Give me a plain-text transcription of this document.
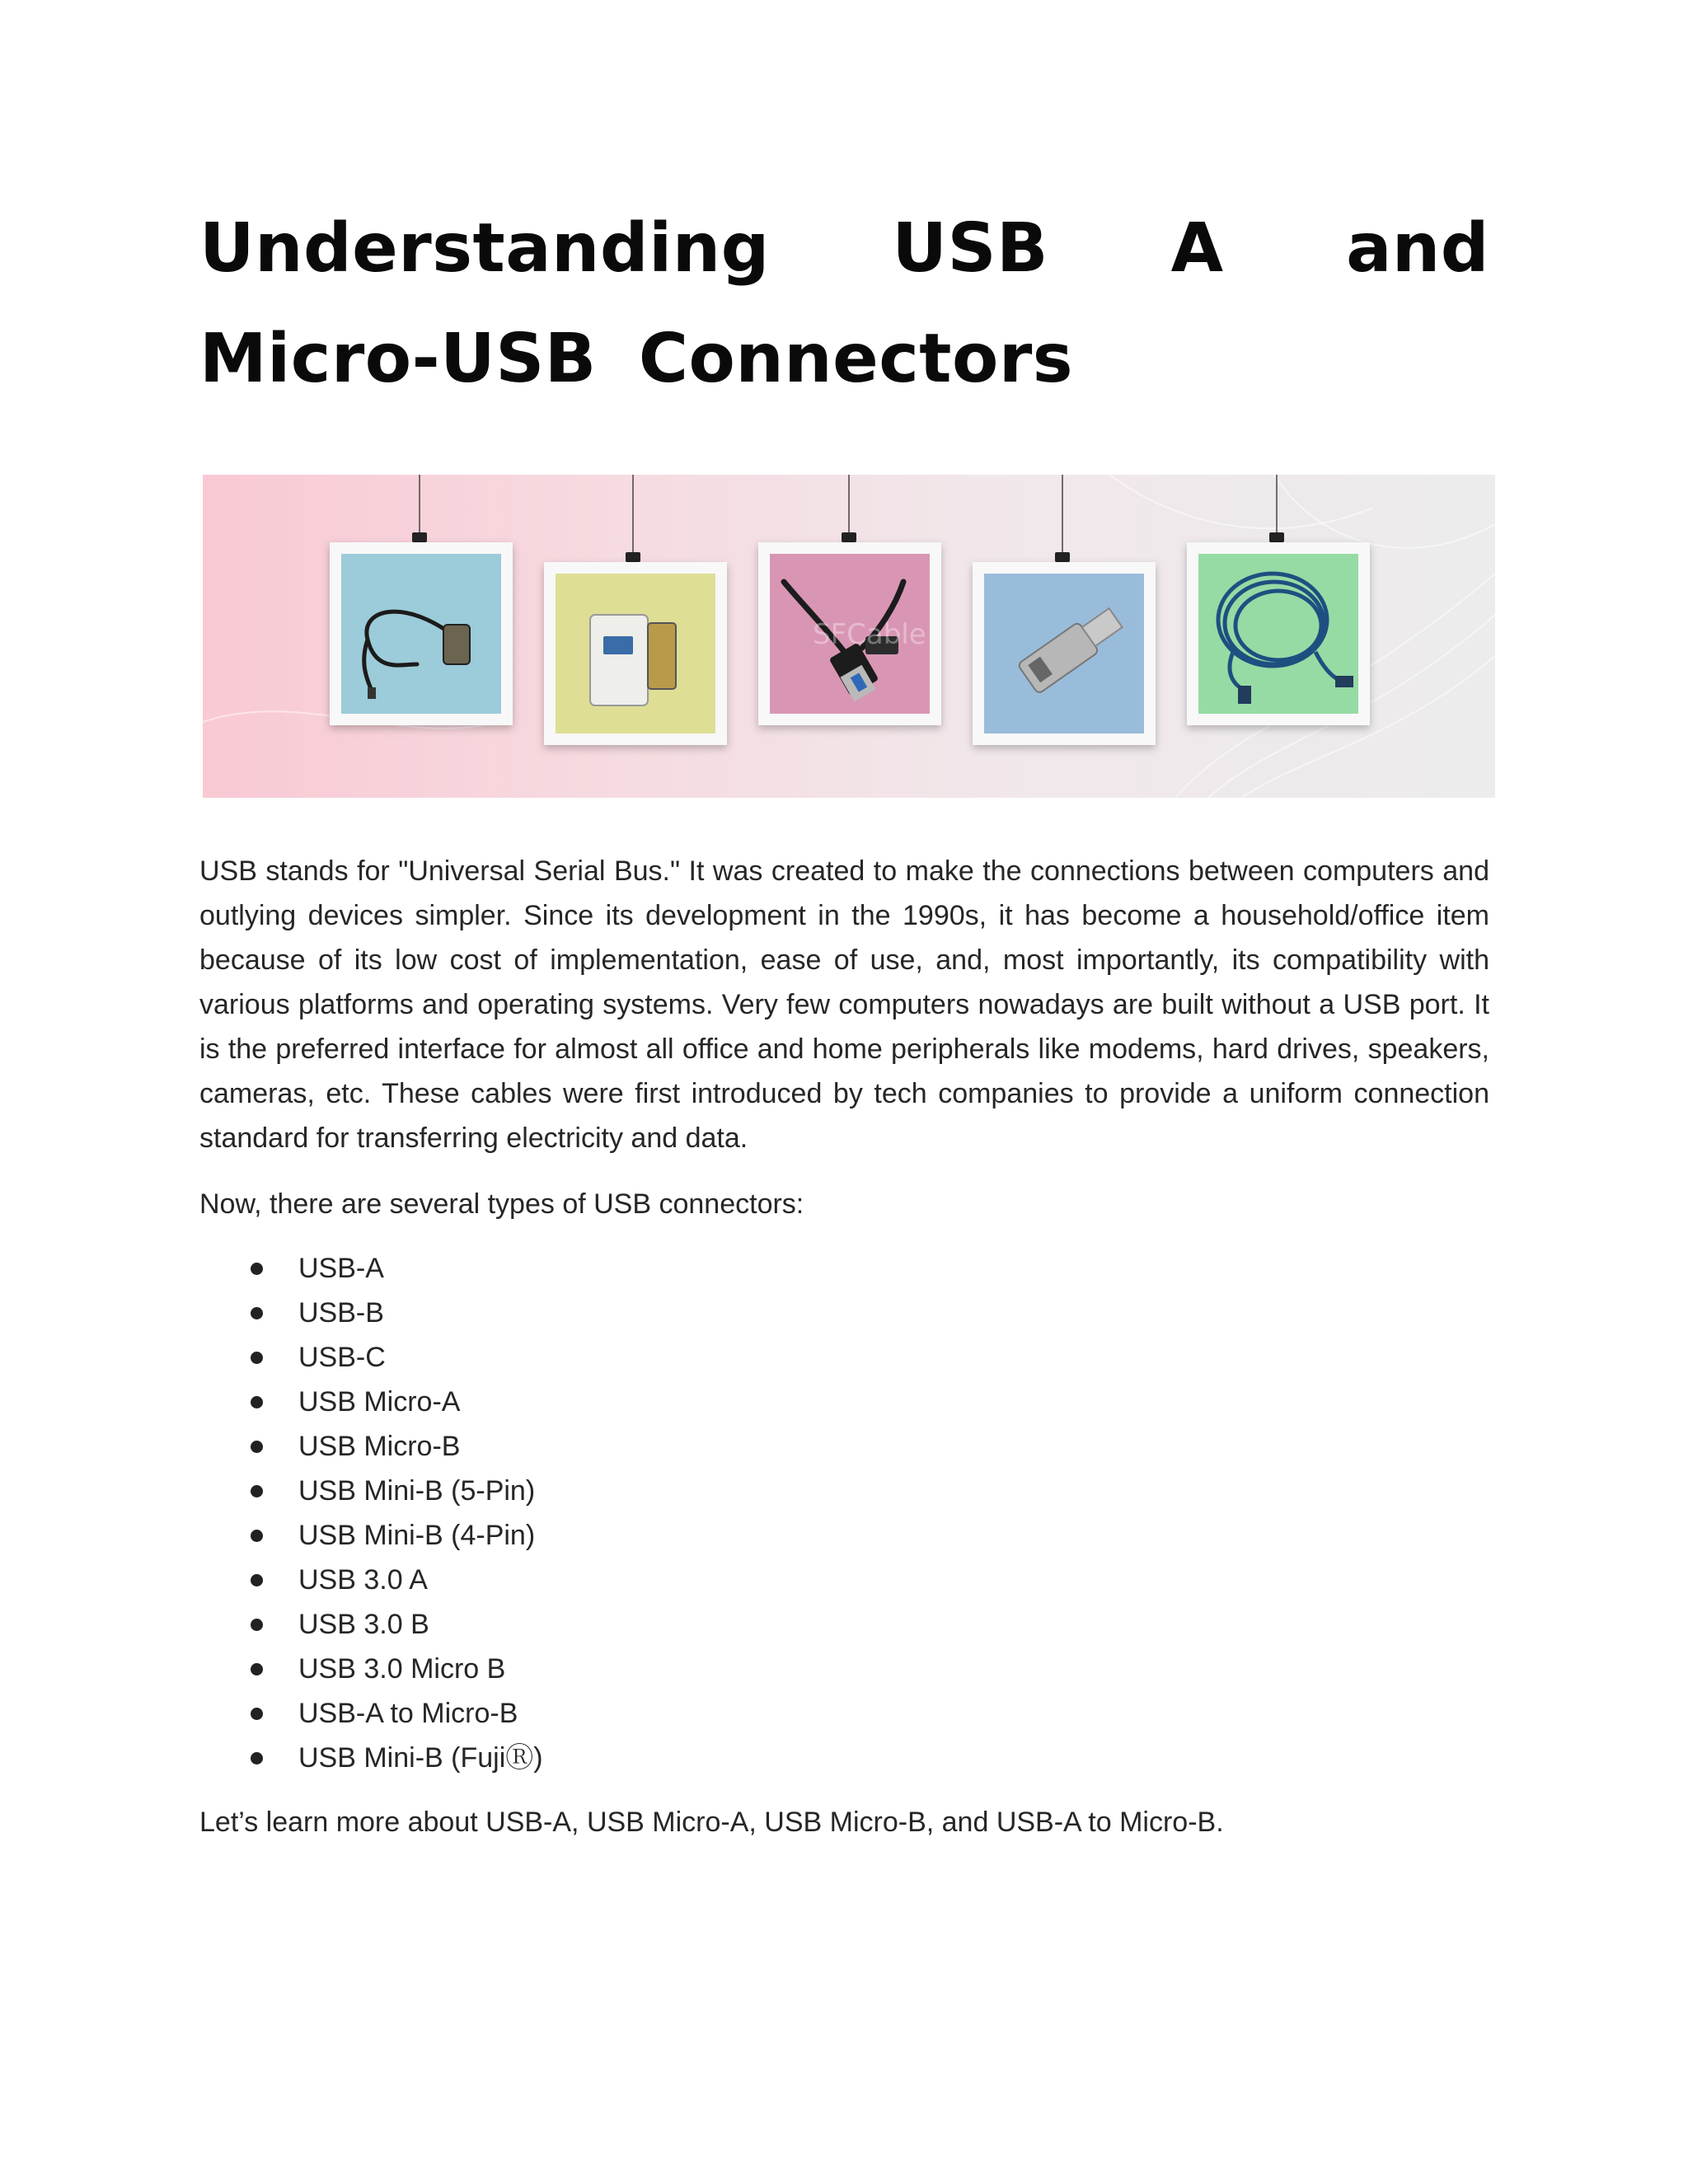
Understanding USB A and Micro-USB Connectors
SFCable

USB stands for "Universal Serial Bus." It was created to make the connections between computers and outlying devices simpler. Since its development in the 1990s, it has become a household/office item because of its low cost of implementation, ease of use, and, most importantly, its compatibility with various platforms and operating systems. Very few computers nowadays are built without a USB port. It is the preferred interface for almost all office and home peripherals like modems, hard drives, speakers, cameras, etc. These cables were first introduced by tech companies to provide a uniform connection standard for transferring electricity and data.

Now, there are several types of USB connectors:

USB-A
USB-B
USB-C
USB Micro-A
USB Micro-B
USB Mini-B (5-Pin)
USB Mini-B (4-Pin)
USB 3.0 A
USB 3.0 B
USB 3.0 Micro B
USB-A to Micro-B
USB Mini-B (FujiⓇ)

Let’s learn more about USB-A, USB Micro-A, USB Micro-B, and USB-A to Micro-B.
